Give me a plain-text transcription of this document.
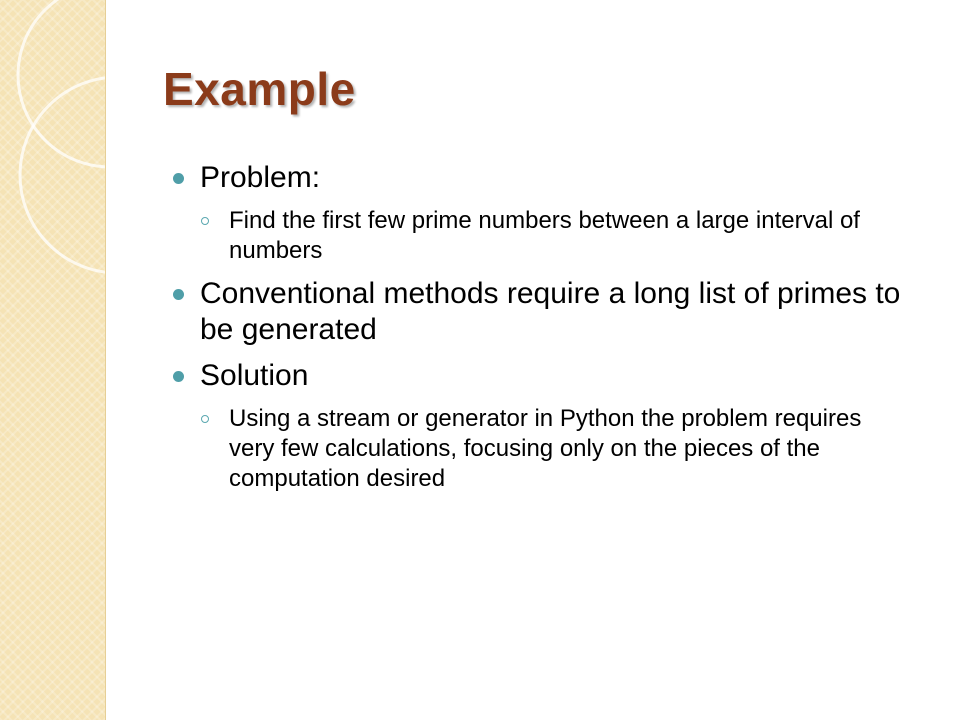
Example
Problem:
Find the first few prime numbers between a large interval of numbers
Conventional methods require a long list of primes to be generated
Solution
Using a stream or generator in Python the problem requires very few calculations, focusing only on the pieces of the computation desired
